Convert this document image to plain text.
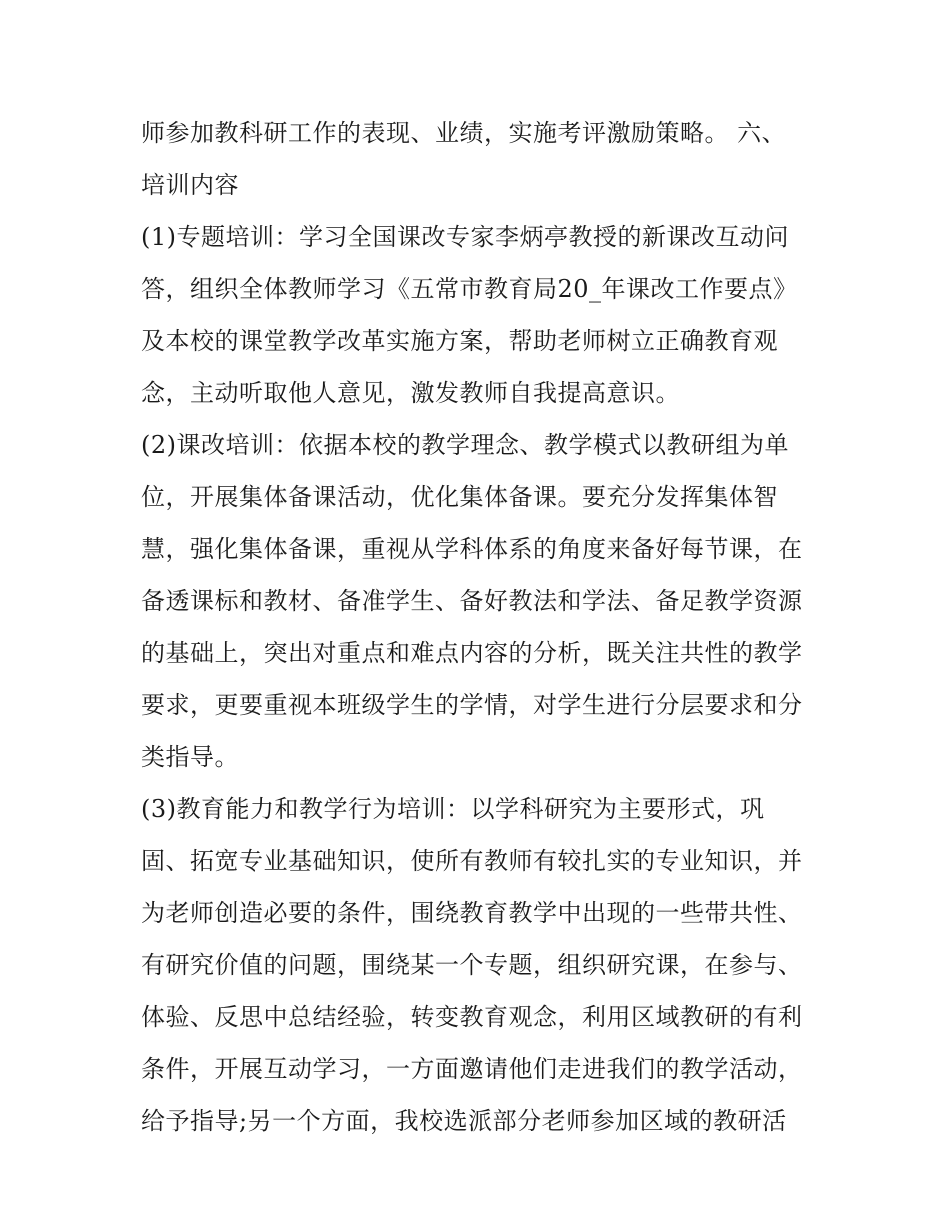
师参加教科研工作的表现、业绩，实施考评激励策略。 六、
培训内容
(1)专题培训：学习全国课改专家李炳亭教授的新课改互动问
答，组织全体教师学习《五常市教育局20_年课改工作要点》
及本校的课堂教学改革实施方案，帮助老师树立正确教育观
念，主动听取他人意见，激发教师自我提高意识。
(2)课改培训：依据本校的教学理念、教学模式以教研组为单
位，开展集体备课活动，优化集体备课。要充分发挥集体智
慧，强化集体备课，重视从学科体系的角度来备好每节课，在
备透课标和教材、备准学生、备好教法和学法、备足教学资源
的基础上，突出对重点和难点内容的分析，既关注共性的教学
要求，更要重视本班级学生的学情，对学生进行分层要求和分
类指导。
(3)教育能力和教学行为培训：以学科研究为主要形式，巩
固、拓宽专业基础知识，使所有教师有较扎实的专业知识，并
为老师创造必要的条件，围绕教育教学中出现的一些带共性、
有研究价值的问题，围绕某一个专题，组织研究课，在参与、
体验、反思中总结经验，转变教育观念，利用区域教研的有利
条件，开展互动学习，一方面邀请他们走进我们的教学活动，
给予指导;另一个方面，我校选派部分老师参加区域的教研活
